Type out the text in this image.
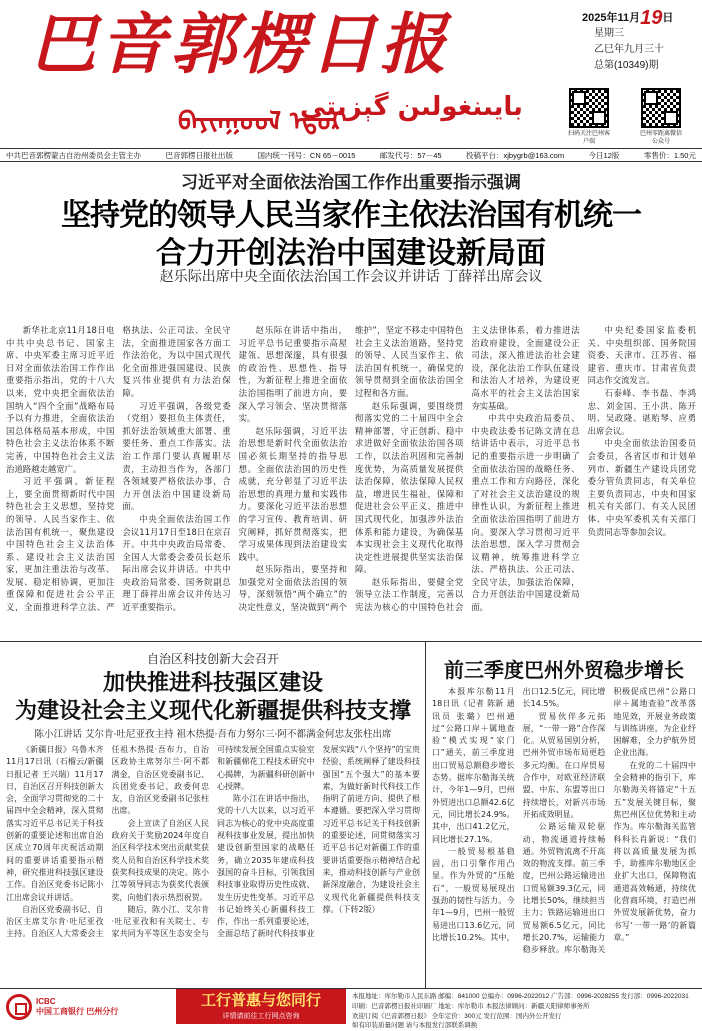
巴音郭楞日报
ᠪᠠᠶᠢᠨᠭᠣᠣᠯ ᠡᠳᠦᠷ
بايىنغولىن گېزىتى
2025年11月19日
星期三
乙巳年九月三十
总第(10349)期
扫码关注巴州客户端
巴州零距离微信公众号
中共巴音郭楞蒙古自治州委员会主管主办	巴音郭楞日报社出版	国内统一刊号：CN 65－0015	邮发代号：57－45	投稿平台：xjbygrb@163.com	今日12版	零售价：1.50元
习近平对全面依法治国工作作出重要指示强调
坚持党的领导人民当家作主依法治国有机统一
合力开创法治中国建设新局面
赵乐际出席中央全面依法治国工作会议并讲话 丁薛祥出席会议

新华社北京11月18日电 中共中央总书记、国家主席、中央军委主席习近平近日对全面依法治国工作作出重要指示指出，党的十八大以来，党中央把全面依法治国纳入“四个全面”战略布局予以有力推进，全面依法治国总体格局基本形成，中国特色社会主义法治体系不断完善，中国特色社会主义法治道路越走越宽广。

习近平强调，新征程上，要全面贯彻新时代中国特色社会主义思想，坚持党的领导、人民当家作主、依法治国有机统一，聚焦建设中国特色社会主义法治体系、建设社会主义法治国家，更加注重法治与改革、发展、稳定相协调，更加注重保障和促进社会公平正义，全面推进科学立法、严格执法、公正司法、全民守法，全面推进国家各方面工作法治化，为以中国式现代化全面推进强国建设、民族复兴伟业提供有力法治保障。

习近平强调，各级党委（党组）要担负主体责任，抓好法治领域重大部署、重要任务、重点工作落实。法治工作部门要认真履职尽责，主动担当作为，各部门各领域要严格依法办事，合力开创法治中国建设新局面。

中央全面依法治国工作会议11月17日至18日在京召开。中共中央政治局常委、全国人大常委会委员长赵乐际出席会议并讲话。中共中央政治局常委、国务院副总理丁薛祥出席会议并传达习近平重要指示。

赵乐际在讲话中指出，习近平总书记重要指示高屋建瓴、思想深邃，具有很强的政治性、思想性、指导性，为新征程上推进全面依法治国指明了前进方向，要深入学习领会、坚决贯彻落实。

赵乐际强调，习近平法治思想是新时代全面依法治国必须长期坚持的指导思想。全面依法治国的历史性成就，充分彰显了习近平法治思想的真理力量和实践伟力。要深化习近平法治思想的学习宣传、教育培训、研究阐释，抓好贯彻落实，把学习成果体现到法治建设实践中。

赵乐际指出，要坚持和加强党对全面依法治国的领导，深刻领悟“两个确立”的决定性意义，坚决做到“两个维护”，坚定不移走中国特色社会主义法治道路，坚持党的领导、人民当家作主、依法治国有机统一，确保党的领导贯彻到全面依法治国全过程和各方面。

赵乐际强调，要围绕贯彻落实党的二十届四中全会精神部署，守正创新、稳中求进做好全面依法治国各项工作，以法治巩固和完善制度优势，为高质量发展提供法治保障，依法保障人民权益，增进民生福祉，保障和促进社会公平正义，推进中国式现代化，加强涉外法治体系和能力建设，为确保基本实现社会主义现代化取得决定性进展提供坚实法治保障。

赵乐际指出，要健全党领导立法工作制度，完善以宪法为核心的中国特色社会主义法律体系，着力推进法治政府建设，全面建设公正司法，深入推进法治社会建设，深化法治工作队伍建设和法治人才培养，为建设更高水平的社会主义法治国家夯实基础。

中共中央政治局委员、中央政法委书记陈文清在总结讲话中表示，习近平总书记的重要指示进一步明确了全面依法治国的战略任务、重点工作和方向路径，深化了对社会主义法治建设的规律性认识，为新征程上推进全面依法治国指明了前进方向。要深入学习贯彻习近平法治思想，深入学习贯彻会议精神，统筹推进科学立法、严格执法、公正司法、全民守法，加强法治保障，合力开创法治中国建设新局面。

中央纪委国家监委机关、中央组织部、国务院国资委、天津市、江苏省、福建省、重庆市、甘肃省负责同志作交流发言。

石泰峰、李书磊、李鸿忠、刘金国、王小洪、陈开明、吴政隆、谌贻琴、应勇出席会议。

中央全面依法治国委员会委员，各省区市和计划单列市、新疆生产建设兵团党委分管负责同志，有关单位主要负责同志，中央和国家机关有关部门、有关人民团体、中央军委机关有关部门负责同志等参加会议。

自治区科技创新大会召开
加快推进科技强区建设
为建设社会主义现代化新疆提供科技支撑
陈小江讲话 艾尔肯·吐尼亚孜主持 祖木热提·吾布力努尔三·阿不都满金何忠友张柱出席

《新疆日报》乌鲁木齐11月17日讯（石榴云/新疆日报记者 王兴瑞）11月17日，自治区召开科技创新大会，全面学习贯彻党的二十届四中全会精神，深入贯彻落实习近平总书记关于科技创新的重要论述和出席自治区成立70周年庆祝活动期间的重要讲话重要指示精神，研究推进科技强区建设工作。自治区党委书记陈小江出席会议并讲话。

自治区党委副书记、自治区主席艾尔肯·吐尼亚孜主持。自治区人大常委会主任祖木热提·吾布力，自治区政协主席努尔兰·阿不都满金，自治区党委副书记、兵团党委书记、政委何忠友，自治区党委副书记张柱出席。

会上宣读了自治区人民政府关于奖励2024年度自治区科学技术突出贡献奖获奖人员和自治区科学技术奖获奖科技成果的决定。陈小江等领导同志为获奖代表颁奖，向他们表示热烈祝贺。

随后，陈小江、艾尔肯·吐尼亚孜和有关院士、专家共同为平等区生态安全与可持续发展全国重点实验室和新疆棉花工程技术研究中心揭牌，为新疆科研创新中心授牌。

陈小江在讲话中指出，党的十八大以来，以习近平同志为核心的党中央高度重视科技事业发展，提出加快建设创新型国家的战略任务，确立2035年建成科技强国的奋斗目标，引领我国科技事业取得历史性成就、发生历史性变革。习近平总书记始终关心新疆科技工作，作出一系列重要论述，全面总结了新时代科技事业发展实践“八个坚持”的宝贵经验，系统阐释了建设科技强国“五个强大”的基本要素，为做好新时代科技工作指明了前进方向、提供了根本遵循。要把深入学习贯彻习近平总书记关于科技创新的重要论述，同贯彻落实习近平总书记对新疆工作的重要讲话重要指示精神结合起来，推动科技创新与产业创新深度融合，为建设社会主义现代化新疆提供科技支撑。（下转2版）

前三季度巴州外贸稳步增长

本报库尔勒11月18日讯（记者 陈新 通讯员 张璐）巴州通过“公路口岸＋属地查验”模式实现“家门口”通关，前三季度进出口贸易总额稳步增长态势。据库尔勒海关统计，今年1—9月，巴州外贸进出口总额42.6亿元，同比增长24.9%。其中，出口41.2亿元，同比增长27.1%。

一般贸易根基稳固，出口引擎作用凸显。作为外贸的“压舱石”，一般贸易展现出强劲的韧性与活力。今年1—9月，巴州一般贸易进出口13.6亿元，同比增长10.2%。其中，出口12.5亿元，同比增长14.5%。

贸易伙伴多元拓展，“一带一路”合作深化。从贸易国别分析，巴州外贸市场布局更趋多元均衡。在口岸贸易合作中，对欧亚经济联盟、中东、东盟等出口持续增长，对新兴市场开拓成效明显。

公路运输双轮驱动，物流通道持续畅通。外贸物流离不开高效的物流支撑。前三季度，巴州公路运输进出口贸易额39.3亿元，同比增长50%，继续担当主力；铁路运输进出口贸易额6.5亿元，同比增长20.7%，运输能力稳步释放。库尔勒海关积极促成巴州“公路口岸＋属地查验”改革落地见效，开展业务政策与训练讲座，为企业纾困解难，全力护航外贸企业出海。

在党的二十届四中全会精神的指引下，库尔勒海关将锚定“十五五”发展关键目标，聚焦巴州区位优势和主动作为。库尔勒海关监管科科长肖新说：“我们将以高质量发展为抓手，助推库尔勒地区企业扩大出口，保障物流通道高效畅通，持续优化营商环境，打造巴州外贸发展新优势，奋力书写‘一带一路’的新篇章。”

ICBC
中国工商银行 巴州分行
工行普惠与您同行
详情请前往工行网点咨询
本报地址：库尔勒市人民东路 邮编：841000 总编办：0996-2022012 广告部：0996-2028255 发行部：0996-2022031
印刷：巴音郭楞日报社印刷厂 地址：库尔勒市 本报法律顾问：新疆天阳律师事务所
欢迎订阅《巴音郭楞日报》 全年定价：300元 发行范围：国内外公开发行
如有印装质量问题 请与本报发行部联系调换
